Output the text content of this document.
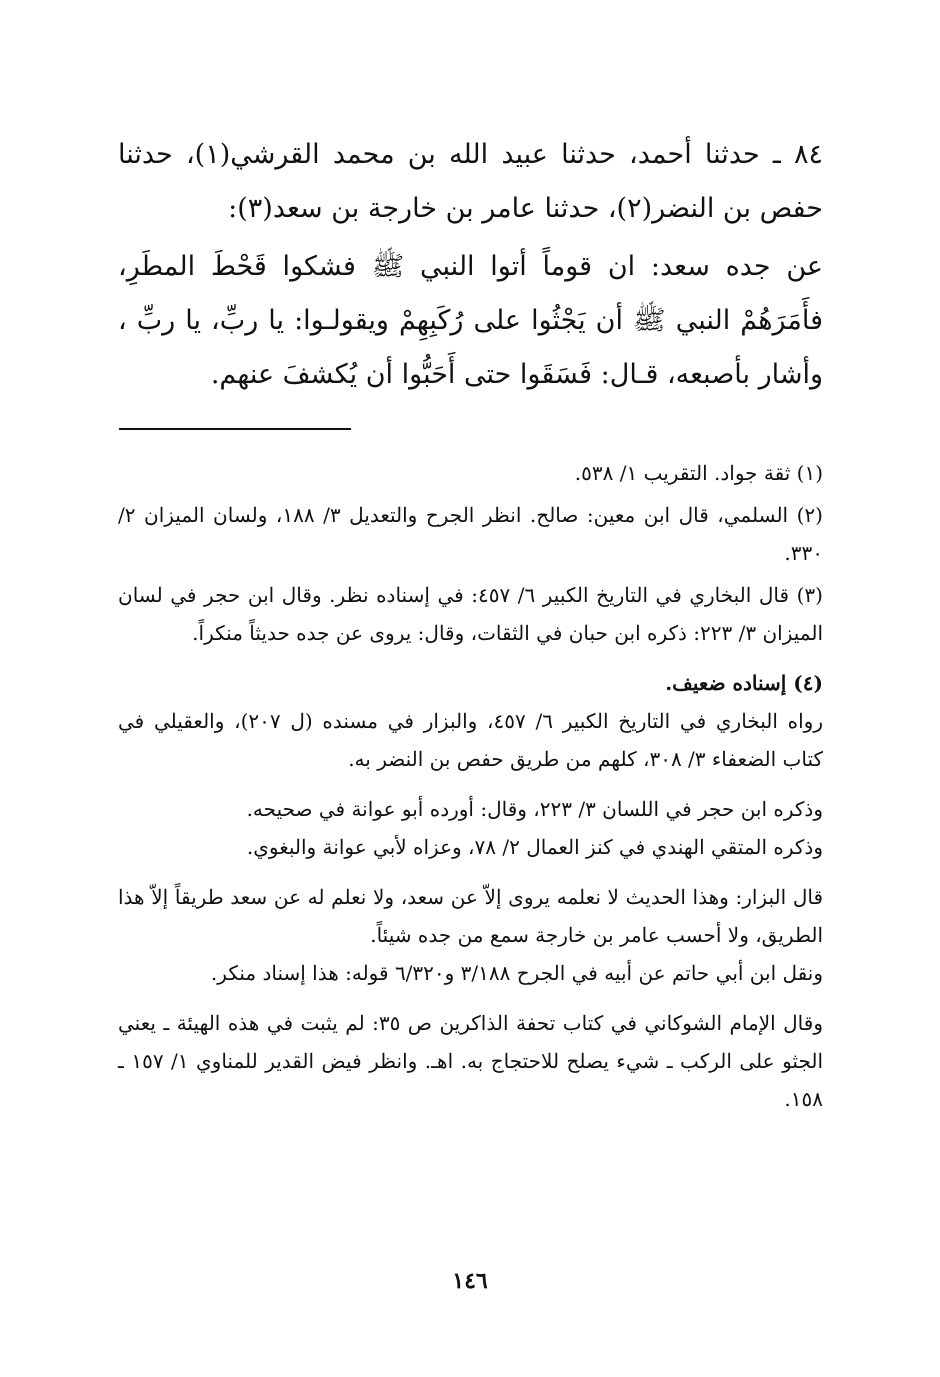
٨٤ ـ حدثنا أحمد، حدثنا عبيد الله بن محمد القرشي(١)، حدثنا حفص بن النضر(٢)، حدثنا عامر بن خارجة بن سعد(٣):

عن جده سعد: ان قوماً أتوا النبي ﷺ فشكوا قَحْطَ المطَرِ، فأَمَرَهُمْ النبي ﷺ أن يَجْثُوا على رُكَبِهِمْ ويقولـوا: يا ربِّ، يا ربِّ ، وأشار بأصبعه، قـال: فَسَقَوا حتى أَحَبُّوا أن يُكشفَ عنهم.

(١) ثقة جواد. التقريب ١/ ٥٣٨.

(٢) السلمي، قال ابن معين: صالح. انظر الجرح والتعديل ٣/ ١٨٨، ولسان الميزان ٢/ ٣٣٠.

(٣) قال البخاري في التاريخ الكبير ٦/ ٤٥٧: في إسناده نظر. وقال ابن حجر في لسان الميزان ٣/ ٢٢٣: ذكره ابن حبان في الثقات، وقال: يروى عن جده حديثاً منكراً.

(٤) إسناده ضعيف.

رواه البخاري في التاريخ الكبير ٦/ ٤٥٧، والبزار في مسنده (ل ٢٠٧)، والعقيلي في كتاب الضعفاء ٣/ ٣٠٨، كلهم من طريق حفص بن النضر به.

وذكره ابن حجر في اللسان ٣/ ٢٢٣، وقال: أورده أبو عوانة في صحيحه.

وذكره المتقي الهندي في كنز العمال ٢/ ٧٨، وعزاه لأبي عوانة والبغوي.

قال البزار: وهذا الحديث لا نعلمه يروى إلاّ عن سعد، ولا نعلم له عن سعد طريقاً إلاّ هذا الطريق، ولا أحسب عامر بن خارجة سمع من جده شيئاً.

ونقل ابن أبي حاتم عن أبيه في الجرح ٣/١٨٨ و٦/٣٢٠ قوله: هذا إسناد منكر.

وقال الإمام الشوكاني في كتاب تحفة الذاكرين ص ٣٥: لم يثبت في هذه الهيئة ـ يعني الجثو على الركب ـ شيء يصلح للاحتجاج به. اهـ. وانظر فيض القدير للمناوي ١/ ١٥٧ ـ ١٥٨.

١٤٦
